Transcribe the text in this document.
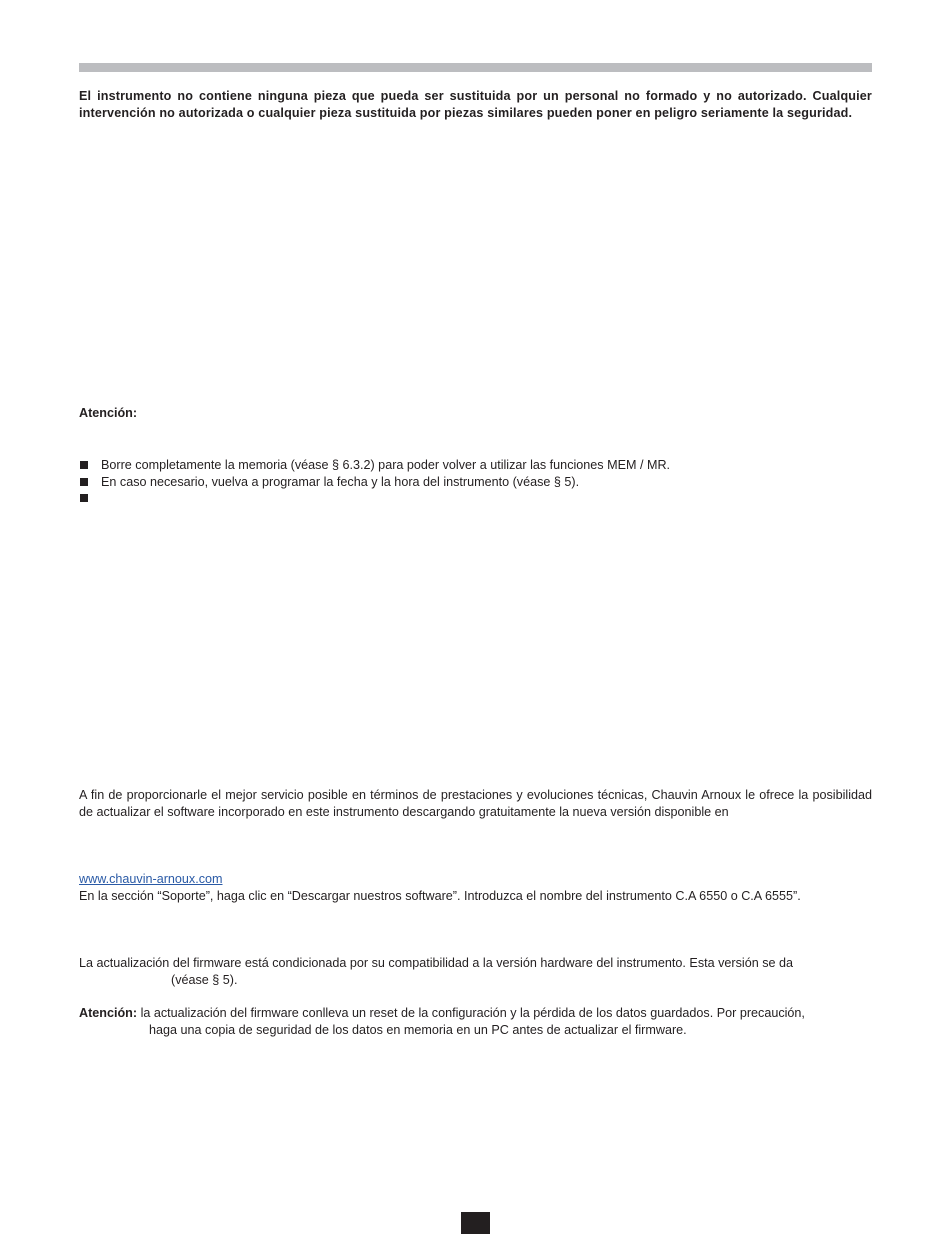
El instrumento no contiene ninguna pieza que pueda ser sustituida por un personal no formado y no autorizado. Cualquier intervención no autorizada o cualquier pieza sustituida por piezas similares pueden poner en peligro seriamente la seguridad.
Atención:
Borre completamente la memoria (véase § 6.3.2) para poder volver a utilizar las funciones MEM / MR.
En caso necesario, vuelva a programar la fecha y la hora del instrumento (véase § 5).
A fin de proporcionarle el mejor servicio posible en términos de prestaciones y evoluciones técnicas, Chauvin Arnoux le ofrece la posibilidad de actualizar el software incorporado en este instrumento descargando gratuitamente la nueva versión disponible en
www.chauvin-arnoux.com
En la sección “Soporte”, haga clic en “Descargar nuestros software”. Introduzca el nombre del instrumento C.A 6550 o C.A 6555”.
La actualización del firmware está condicionada por su compatibilidad a la versión hardware del instrumento. Esta versión se da
(véase § 5).
Atención: la actualización del firmware conlleva un reset de la configuración y la pérdida de los datos guardados. Por precaución,
haga una copia de seguridad de los datos en memoria en un PC antes de actualizar el firmware.
